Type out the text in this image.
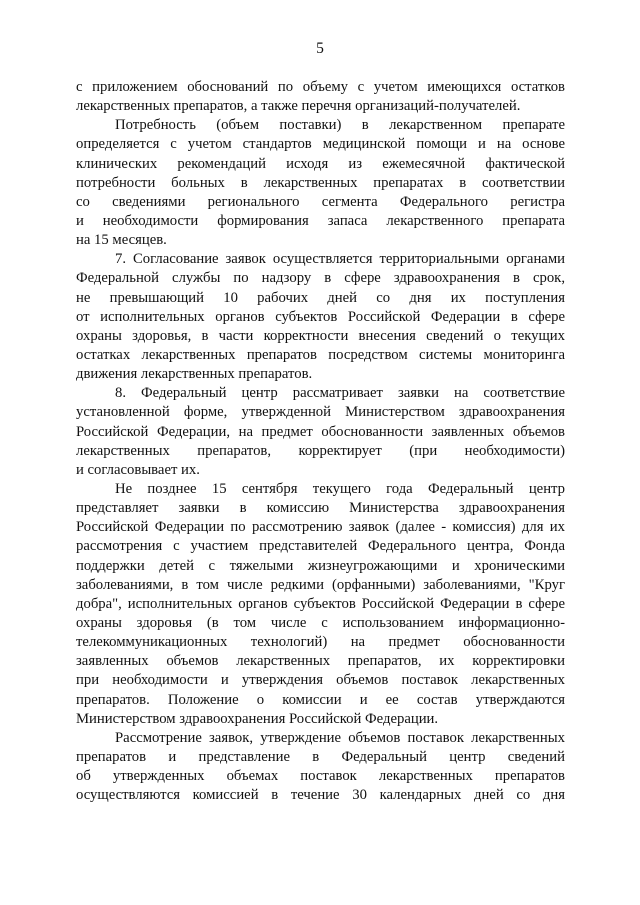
5
с приложением обоснований по объему с учетом имеющихся остатков
лекарственных препаратов, а также перечня организаций-получателей.
Потребность (объем поставки) в лекарственном препарате
определяется с учетом стандартов медицинской помощи и на основе
клинических рекомендаций исходя из ежемесячной фактической
потребности больных в лекарственных препаратах в соответствии
со сведениями регионального сегмента Федерального регистра
и необходимости формирования запаса лекарственного препарата
на 15 месяцев.
7. Согласование заявок осуществляется территориальными органами
Федеральной службы по надзору в сфере здравоохранения в срок,
не превышающий 10 рабочих дней со дня их поступления
от исполнительных органов субъектов Российской Федерации в сфере
охраны здоровья, в части корректности внесения сведений о текущих
остатках лекарственных препаратов посредством системы мониторинга
движения лекарственных препаратов.
8. Федеральный центр рассматривает заявки на соответствие
установленной форме, утвержденной Министерством здравоохранения
Российской Федерации, на предмет обоснованности заявленных объемов
лекарственных препаратов, корректирует (при необходимости)
и согласовывает их.
Не позднее 15 сентября текущего года Федеральный центр
представляет заявки в комиссию Министерства здравоохранения
Российской Федерации по рассмотрению заявок (далее - комиссия) для их
рассмотрения с участием представителей Федерального центра, Фонда
поддержки детей с тяжелыми жизнеугрожающими и хроническими
заболеваниями, в том числе редкими (орфанными) заболеваниями, "Круг
добра", исполнительных органов субъектов Российской Федерации в сфере
охраны здоровья (в том числе с использованием информационно-
телекоммуникационных технологий) на предмет обоснованности
заявленных объемов лекарственных препаратов, их корректировки
при необходимости и утверждения объемов поставок лекарственных
препаратов. Положение о комиссии и ее состав утверждаются
Министерством здравоохранения Российской Федерации.
Рассмотрение заявок, утверждение объемов поставок лекарственных
препаратов и представление в Федеральный центр сведений
об утвержденных объемах поставок лекарственных препаратов
осуществляются комиссией в течение 30 календарных дней со дня
